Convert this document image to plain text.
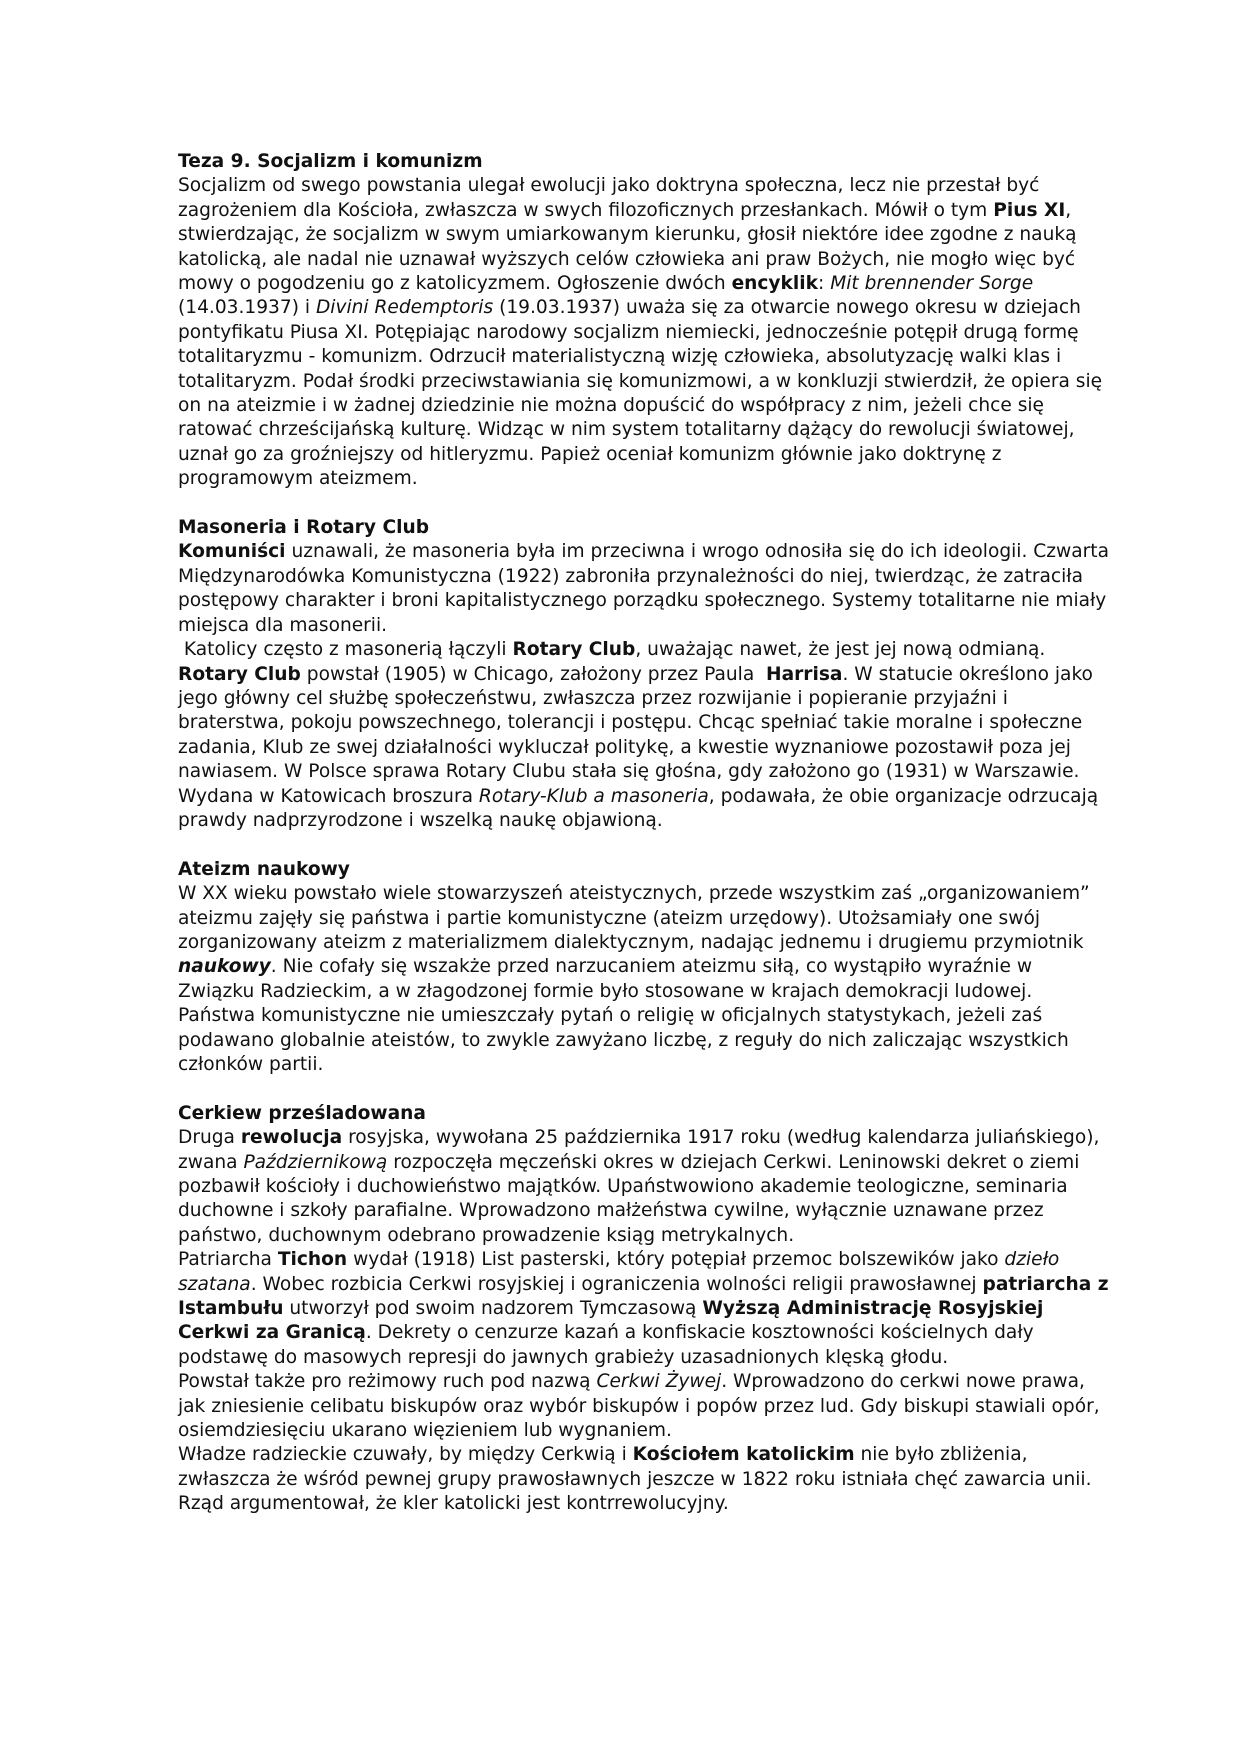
Teza 9. Socjalizm i komunizm

Socjalizm od swego powstania ulegał ewolucji jako doktryna społeczna, lecz nie przestał być zagrożeniem dla Kościoła, zwłaszcza w swych filozoficznych przesłankach. Mówił o tym Pius XI, stwierdzając, że socjalizm w swym umiarkowanym kierunku, głosił niektóre idee zgodne z nauką katolicką, ale nadal nie uznawał wyższych celów człowieka ani praw Bożych, nie mogło więc być mowy o pogodzeniu go z katolicyzmem. Ogłoszenie dwóch encyklik: Mit brennender Sorge (14.03.1937) i Divini Redemptoris (19.03.1937) uważa się za otwarcie nowego okresu w dziejach pontyfikatu Piusa XI. Potępiając narodowy socjalizm niemiecki, jednocześnie potępił drugą formę totalitaryzmu - komunizm. Odrzucił materialistyczną wizję człowieka, absolutyzację walki klas i totalitaryzm. Podał środki przeciwstawiania się komunizmowi, a w konkluzji stwierdził, że opiera się on na ateizmie i w żadnej dziedzinie nie można dopuścić do współpracy z nim, jeżeli chce się ratować chrześcijańską kulturę. Widząc w nim system totalitarny dążący do rewolucji światowej, uznał go za groźniejszy od hitleryzmu. Papież oceniał komunizm głównie jako doktrynę z programowym ateizmem.

Masoneria i Rotary Club

Komuniści uznawali, że masoneria była im przeciwna i wrogo odnosiła się do ich ideologii. Czwarta Międzynarodówka Komunistyczna (1922) zabroniła przynależności do niej, twierdząc, że zatraciła postępowy charakter i broni kapitalistycznego porządku społecznego. Systemy totalitarne nie miały miejsca dla masonerii.

Katolicy często z masonerią łączyli Rotary Club, uważając nawet, że jest jej nową odmianą. Rotary Club powstał (1905) w Chicago, założony przez Paula  Harrisa. W statucie określono jako jego główny cel służbę społeczeństwu, zwłaszcza przez rozwijanie i popieranie przyjaźni i braterstwa, pokoju powszechnego, tolerancji i postępu. Chcąc spełniać takie moralne i społeczne zadania, Klub ze swej działalności wykluczał politykę, a kwestie wyznaniowe pozostawił poza jej nawiasem. W Polsce sprawa Rotary Clubu stała się głośna, gdy założono go (1931) w Warszawie. Wydana w Katowicach broszura Rotary-Klub a masoneria, podawała, że obie organizacje odrzucają prawdy nadprzyrodzone i wszelką naukę objawioną.

Ateizm naukowy

W XX wieku powstało wiele stowarzyszeń ateistycznych, przede wszystkim zaś „organizowaniem” ateizmu zajęły się państwa i partie komunistyczne (ateizm urzędowy). Utożsamiały one swój zorganizowany ateizm z materializmem dialektycznym, nadając jednemu i drugiemu przymiotnik naukowy. Nie cofały się wszakże przed narzucaniem ateizmu siłą, co wystąpiło wyraźnie w Związku Radzieckim, a w złagodzonej formie było stosowane w krajach demokracji ludowej. Państwa komunistyczne nie umieszczały pytań o religię w oficjalnych statystykach, jeżeli zaś podawano globalnie ateistów, to zwykle zawyżano liczbę, z reguły do nich zaliczając wszystkich członków partii.

Cerkiew prześladowana

Druga rewolucja rosyjska, wywołana 25 października 1917 roku (według kalendarza juliańskiego), zwana Październikową rozpoczęła męczeński okres w dziejach Cerkwi. Leninowski dekret o ziemi pozbawił kościoły i duchowieństwo majątków. Upaństwowiono akademie teologiczne, seminaria duchowne i szkoły parafialne. Wprowadzono małżeństwa cywilne, wyłącznie uznawane przez państwo, duchownym odebrano prowadzenie ksiąg metrykalnych.

Patriarcha Tichon wydał (1918) List pasterski, który potępiał przemoc bolszewików jako dzieło szatana. Wobec rozbicia Cerkwi rosyjskiej i ograniczenia wolności religii prawosławnej patriarcha z Istambułu utworzył pod swoim nadzorem Tymczasową Wyższą Administrację Rosyjskiej Cerkwi za Granicą. Dekrety o cenzurze kazań a konfiskacie kosztowności kościelnych dały podstawę do masowych represji do jawnych grabieży uzasadnionych klęską głodu.

Powstał także pro reżimowy ruch pod nazwą Cerkwi Żywej. Wprowadzono do cerkwi nowe prawa, jak zniesienie celibatu biskupów oraz wybór biskupów i popów przez lud. Gdy biskupi stawiali opór, osiemdziesięciu ukarano więzieniem lub wygnaniem.

Władze radzieckie czuwały, by między Cerkwią i Kościołem katolickim nie było zbliżenia, zwłaszcza że wśród pewnej grupy prawosławnych jeszcze w 1822 roku istniała chęć zawarcia unii. Rząd argumentował, że kler katolicki jest kontrrewolucyjny.
